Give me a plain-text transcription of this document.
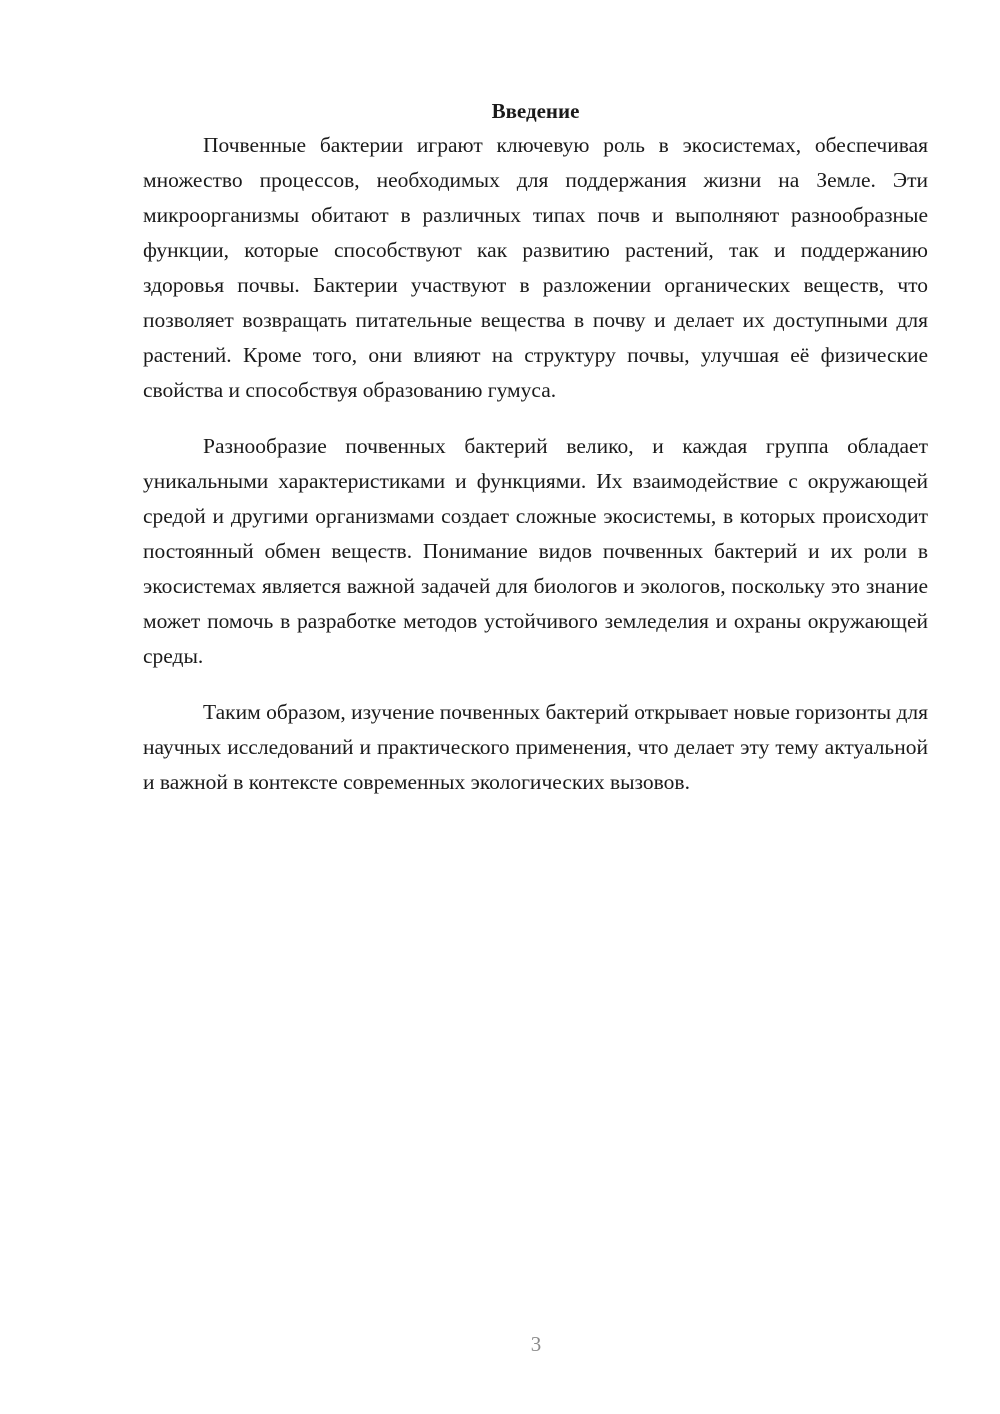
Введение

Почвенные бактерии играют ключевую роль в экосистемах, обеспечивая множество процессов, необходимых для поддержания жизни на Земле. Эти микроорганизмы обитают в различных типах почв и выполняют разнообразные функции, которые способствуют как развитию растений, так и поддержанию здоровья почвы. Бактерии участвуют в разложении органических веществ, что позволяет возвращать питательные вещества в почву и делает их доступными для растений. Кроме того, они влияют на структуру почвы, улучшая её физические свойства и способствуя образованию гумуса.

Разнообразие почвенных бактерий велико, и каждая группа обладает уникальными характеристиками и функциями. Их взаимодействие с окружающей средой и другими организмами создает сложные экосистемы, в которых происходит постоянный обмен веществ. Понимание видов почвенных бактерий и их роли в экосистемах является важной задачей для биологов и экологов, поскольку это знание может помочь в разработке методов устойчивого земледелия и охраны окружающей среды.

Таким образом, изучение почвенных бактерий открывает новые горизонты для научных исследований и практического применения, что делает эту тему актуальной и важной в контексте современных экологических вызовов.

3
